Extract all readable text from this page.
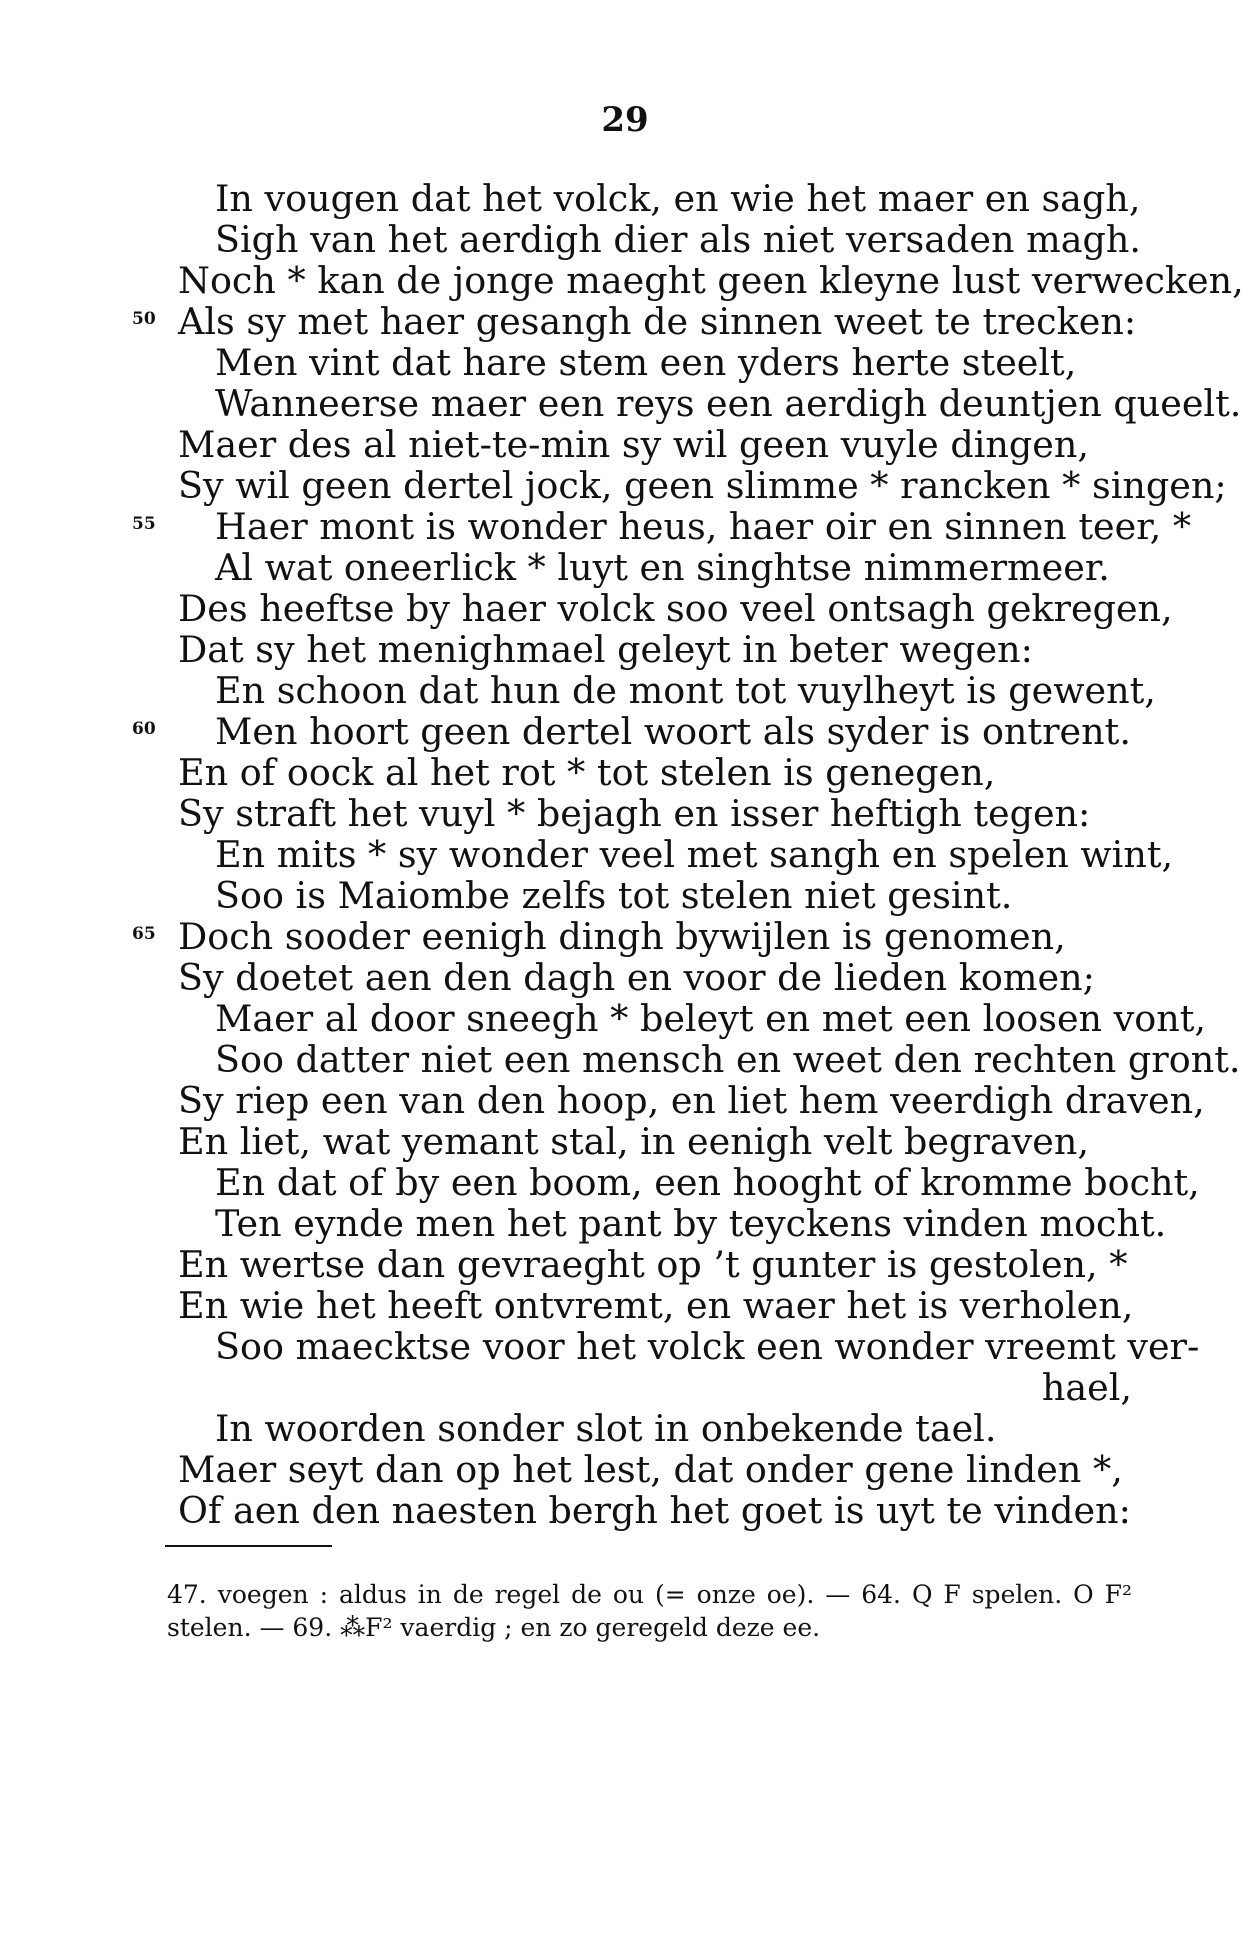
29
In vougen dat het volck, en wie het maer en sagh,
Sigh van het aerdigh dier als niet versaden magh.
Noch * kan de jonge maeght geen kleyne lust verwecken,
50 Als sy met haer gesangh de sinnen weet te trecken:
Men vint dat hare stem een yders herte steelt,
Wanneerse maer een reys een aerdigh deuntjen queelt.
Maer des al niet-te-min sy wil geen vuyle dingen,
Sy wil geen dertel jock, geen slimme * rancken * singen;
55 Haer mont is wonder heus, haer oir en sinnen teer, *
Al wat oneerlick * luyt en singhtse nimmermeer.
Des heeftse by haer volck soo veel ontsagh gekregen,
Dat sy het menighmael geleyt in beter wegen:
En schoon dat hun de mont tot vuylheyt is gewent,
60 Men hoort geen dertel woort als syder is ontrent.
En of oock al het rot * tot stelen is genegen,
Sy straft het vuyl * bejagh en isser heftigh tegen:
En mits * sy wonder veel met sangh en spelen wint,
Soo is Maiombe zelfs tot stelen niet gesint.
65 Doch sooder eenigh dingh bywijlen is genomen,
Sy doetet aen den dagh en voor de lieden komen;
Maer al door sneegh * beleyt en met een loosen vont,
Soo datter niet een mensch en weet den rechten gront.
Sy riep een van den hoop, en liet hem veerdigh draven,
En liet, wat yemant stal, in eenigh velt begraven,
En dat of by een boom, een hooght of kromme bocht,
Ten eynde men het pant by teyckens vinden mocht.
En wertse dan gevraeght op ’t gunter is gestolen, *
En wie het heeft ontvremt, en waer het is verholen,
Soo maecktse voor het volck een wonder vreemt ver-
hael,
In woorden sonder slot in onbekende tael.
Maer seyt dan op het lest, dat onder gene linden *,
Of aen den naesten bergh het goet is uyt te vinden:
47. voegen : aldus in de regel de ou (= onze oe). — 64. Q F spelen. O F² stelen. — 69. ⁂F² vaerdig ; en zo geregeld deze ee.
